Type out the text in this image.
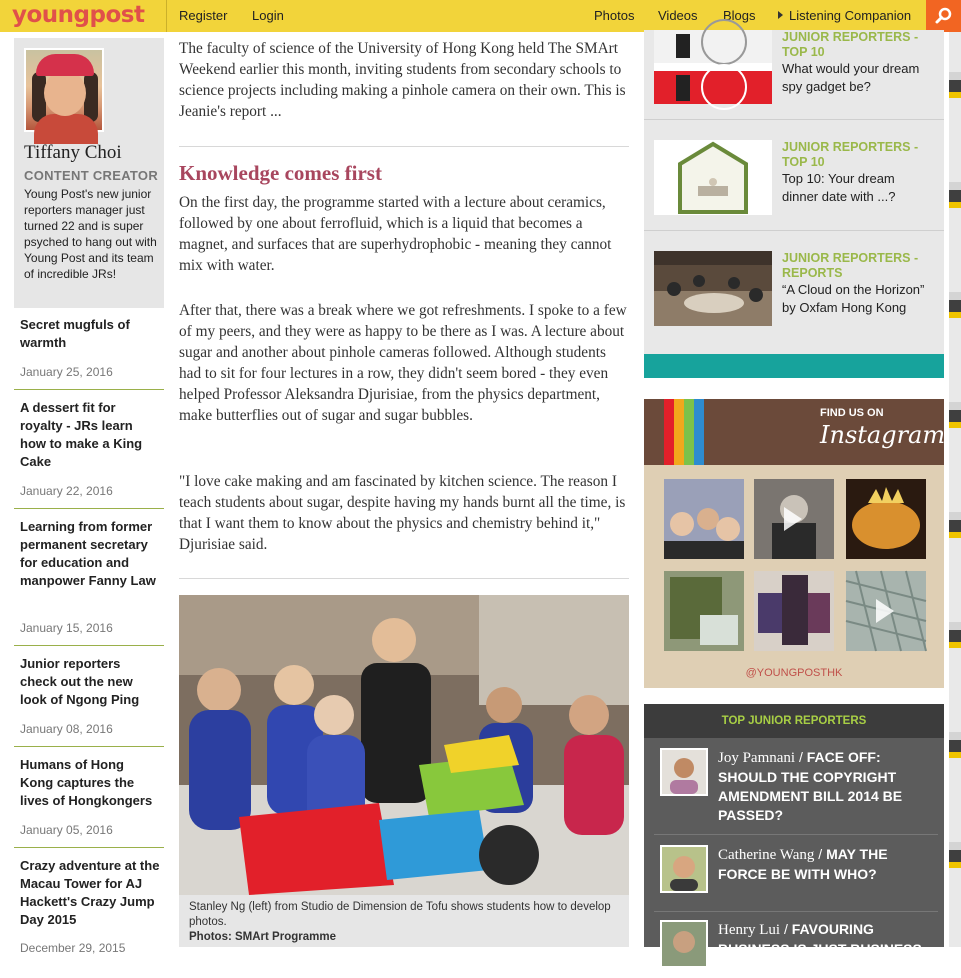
youngpost	Register Login	Photos Videos Blogs	Listening Companion
Tiffany Choi
CONTENT CREATOR
Young Post's new junior reporters manager just turned 22 and is super psyched to hang out with Young Post and its team of incredible JRs!
Secret mugfuls of warmth
January 25, 2016
A dessert fit for royalty - JRs learn how to make a King Cake
January 22, 2016
Learning from former permanent secretary for education and manpower Fanny Law
January 15, 2016
Junior reporters check out the new look of Ngong Ping
January 08, 2016
Humans of Hong Kong captures the lives of Hongkongers
January 05, 2016
Crazy adventure at the Macau Tower for AJ Hackett's Crazy Jump Day 2015
December 29, 2015

The faculty of science of the University of Hong Kong held The SMArt Weekend earlier this month, inviting students from secondary schools to science projects including making a pinhole camera on their own. This is Jeanie's report ...

Knowledge comes first

On the first day, the programme started with a lecture about ceramics, followed by one about ferrofluid, which is a liquid that becomes a magnet, and surfaces that are superhydrophobic - meaning they cannot mix with water.

After that, there was a break where we got refreshments. I spoke to a few of my peers, and they were as happy to be there as I was. A lecture about sugar and another about pinhole cameras followed. Although students had to sit for four lectures in a row, they didn't seem bored - they even helped Professor Aleksandra Djurisiae, from the physics department, make butterflies out of sugar and sugar bubbles.

"I love cake making and am fascinated by kitchen science. The reason I teach students about sugar, despite having my hands burnt all the time, is that I want them to know about the physics and chemistry behind it," Djurisiae said.

Stanley Ng (left) from Studio de Dimension de Tofu shows students how to develop photos.
Photos: SMArt Programme
JUNIOR REPORTERS - TOP 10
What would your dream spy gadget be?
JUNIOR REPORTERS - TOP 10
Top 10: Your dream dinner date with ...?
JUNIOR REPORTERS - REPORTS
“A Cloud on the Horizon” by Oxfam Hong Kong
FIND US ON
Instagram
@YOUNGPOSTHK
TOP JUNIOR REPORTERS
Joy Pamnani / FACE OFF: SHOULD THE COPYRIGHT AMENDMENT BILL 2014 BE PASSED?
Catherine Wang / MAY THE FORCE BE WITH WHO?
Henry Lui / FAVOURING BUSINESS IS JUST BUSINESS AS USUAL
